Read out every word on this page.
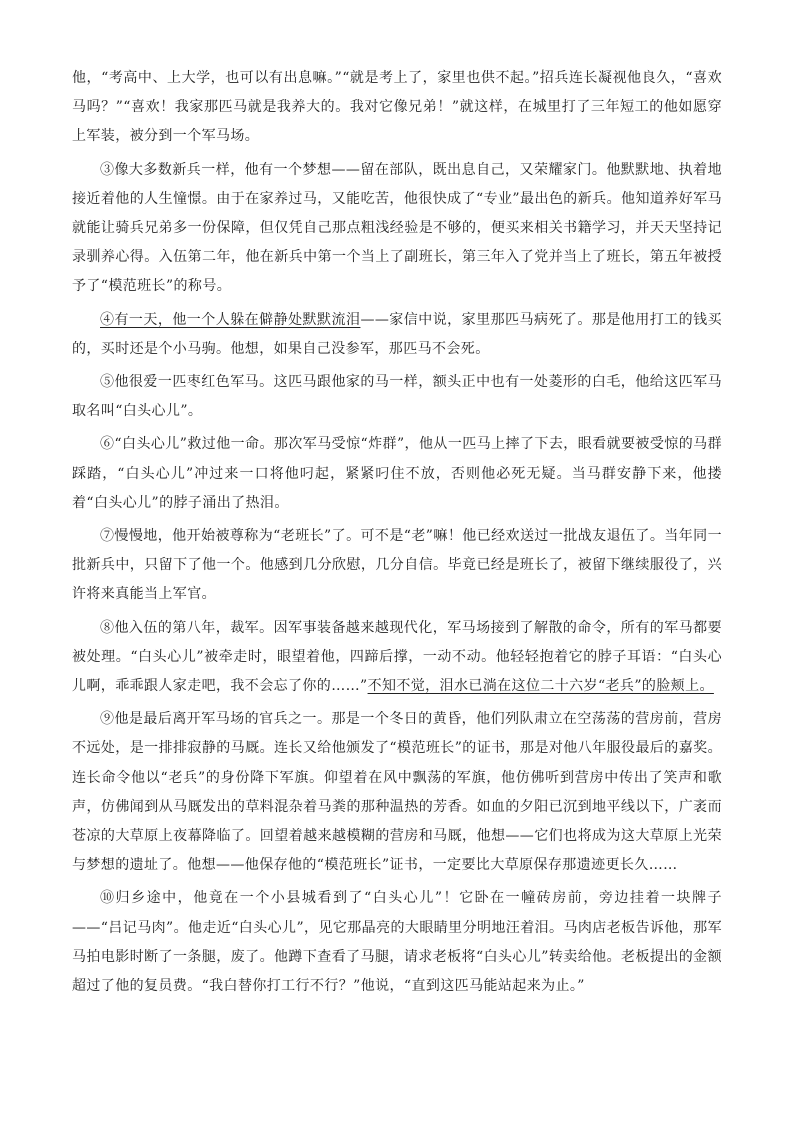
他，“考高中、上大学，也可以有出息嘛。”“就是考上了，家里也供不起。”招兵连长凝视他良久，“喜欢马吗？”“喜欢！我家那匹马就是我养大的。我对它像兄弟！”就这样，在城里打了三年短工的他如愿穿上军装，被分到一个军马场。

③像大多数新兵一样，他有一个梦想——留在部队，既出息自己，又荣耀家门。他默默地、执着地接近着他的人生憧憬。由于在家养过马，又能吃苦，他很快成了“专业”最出色的新兵。他知道养好军马就能让骑兵兄弟多一份保障，但仅凭自己那点粗浅经验是不够的，便买来相关书籍学习，并天天坚持记录驯养心得。入伍第二年，他在新兵中第一个当上了副班长，第三年入了党并当上了班长，第五年被授予了“模范班长”的称号。

④有一天，他一个人躲在僻静处默默流泪——家信中说，家里那匹马病死了。那是他用打工的钱买的，买时还是个小马驹。他想，如果自己没参军，那匹马不会死。

⑤他很爱一匹枣红色军马。这匹马跟他家的马一样，额头正中也有一处菱形的白毛，他给这匹军马取名叫“白头心儿”。

⑥“白头心儿”救过他一命。那次军马受惊“炸群”，他从一匹马上摔了下去，眼看就要被受惊的马群踩踏，“白头心儿”冲过来一口将他叼起，紧紧叼住不放，否则他必死无疑。当马群安静下来，他搂着“白头心儿”的脖子涌出了热泪。

⑦慢慢地，他开始被尊称为“老班长”了。可不是“老”嘛！他已经欢送过一批战友退伍了。当年同一批新兵中，只留下了他一个。他感到几分欣慰，几分自信。毕竟已经是班长了，被留下继续服役了，兴许将来真能当上军官。

⑧他入伍的第八年，裁军。因军事装备越来越现代化，军马场接到了解散的命令，所有的军马都要被处理。“白头心儿”被牵走时，眼望着他，四蹄后撑，一动不动。他轻轻抱着它的脖子耳语：“白头心儿啊，乖乖跟人家走吧，我不会忘了你的……”不知不觉，泪水已淌在这位二十六岁“老兵”的脸颊上。

⑨他是最后离开军马场的官兵之一。那是一个冬日的黄昏，他们列队肃立在空荡荡的营房前，营房不远处，是一排排寂静的马厩。连长又给他颁发了“模范班长”的证书，那是对他八年服役最后的嘉奖。连长命令他以“老兵”的身份降下军旗。仰望着在风中飘荡的军旗，他仿佛听到营房中传出了笑声和歌声，仿佛闻到从马厩发出的草料混杂着马粪的那种温热的芳香。如血的夕阳已沉到地平线以下，广袤而苍凉的大草原上夜幕降临了。回望着越来越模糊的营房和马厩，他想——它们也将成为这大草原上光荣与梦想的遗址了。他想——他保存他的“模范班长”证书，一定要比大草原保存那遗迹更长久……

⑩归乡途中，他竟在一个小县城看到了“白头心儿”！它卧在一幢砖房前，旁边挂着一块牌子——“吕记马肉”。他走近“白头心儿”，见它那晶亮的大眼睛里分明地汪着泪。马肉店老板告诉他，那军马拍电影时断了一条腿，废了。他蹲下查看了马腿，请求老板将“白头心儿”转卖给他。老板提出的金额超过了他的复员费。“我白替你打工行不行？”他说，“直到这匹马能站起来为止。”
